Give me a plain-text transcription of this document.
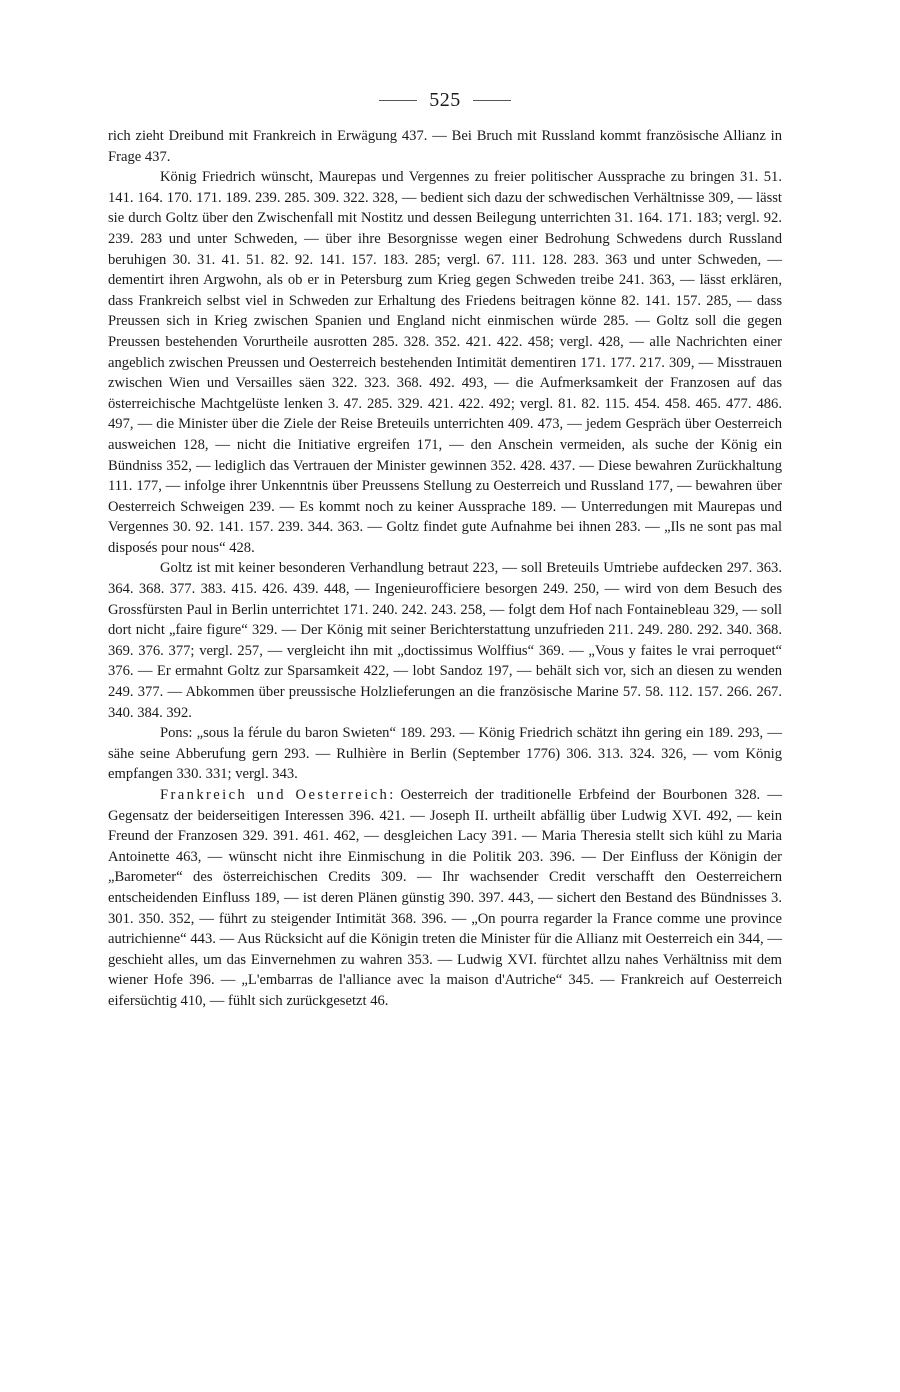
525

rich zieht Dreibund mit Frankreich in Erwägung 437. — Bei Bruch mit Russland kommt französische Allianz in Frage 437.

König Friedrich wünscht, Maurepas und Vergennes zu freier politischer Aussprache zu bringen 31. 51. 141. 164. 170. 171. 189. 239. 285. 309. 322. 328, — bedient sich dazu der schwedischen Verhältnisse 309, — lässt sie durch Goltz über den Zwischenfall mit Nostitz und dessen Beilegung unterrichten 31. 164. 171. 183; vergl. 92. 239. 283 und unter Schweden, — über ihre Besorgnisse wegen einer Bedrohung Schwedens durch Russland beruhigen 30. 31. 41. 51. 82. 92. 141. 157. 183. 285; vergl. 67. 111. 128. 283. 363 und unter Schweden, — dementirt ihren Argwohn, als ob er in Petersburg zum Krieg gegen Schweden treibe 241. 363, — lässt erklären, dass Frankreich selbst viel in Schweden zur Erhaltung des Friedens beitragen könne 82. 141. 157. 285, — dass Preussen sich in Krieg zwischen Spanien und England nicht einmischen würde 285. — Goltz soll die gegen Preussen bestehenden Vorurtheile ausrotten 285. 328. 352. 421. 422. 458; vergl. 428, — alle Nachrichten einer angeblich zwischen Preussen und Oesterreich bestehenden Intimität dementiren 171. 177. 217. 309, — Misstrauen zwischen Wien und Versailles säen 322. 323. 368. 492. 493, — die Aufmerksamkeit der Franzosen auf das österreichische Machtgelüste lenken 3. 47. 285. 329. 421. 422. 492; vergl. 81. 82. 115. 454. 458. 465. 477. 486. 497, — die Minister über die Ziele der Reise Breteuils unterrichten 409. 473, — jedem Gespräch über Oesterreich ausweichen 128, — nicht die Initiative ergreifen 171, — den Anschein vermeiden, als suche der König ein Bündniss 352, — lediglich das Vertrauen der Minister gewinnen 352. 428. 437. — Diese bewahren Zurückhaltung 111. 177, — infolge ihrer Unkenntnis über Preussens Stellung zu Oesterreich und Russland 177, — bewahren über Oesterreich Schweigen 239. — Es kommt noch zu keiner Aussprache 189. — Unterredungen mit Maurepas und Vergennes 30. 92. 141. 157. 239. 344. 363. — Goltz findet gute Aufnahme bei ihnen 283. — „Ils ne sont pas mal disposés pour nous“ 428.

Goltz ist mit keiner besonderen Verhandlung betraut 223, — soll Breteuils Umtriebe aufdecken 297. 363. 364. 368. 377. 383. 415. 426. 439. 448, — Ingenieurofficiere besorgen 249. 250, — wird von dem Besuch des Grossfürsten Paul in Berlin unterrichtet 171. 240. 242. 243. 258, — folgt dem Hof nach Fontainebleau 329, — soll dort nicht „faire figure“ 329. — Der König mit seiner Berichterstattung unzufrieden 211. 249. 280. 292. 340. 368. 369. 376. 377; vergl. 257, — vergleicht ihn mit „doctissimus Wolffius“ 369. — „Vous y faites le vrai perroquet“ 376. — Er ermahnt Goltz zur Sparsamkeit 422, — lobt Sandoz 197, — behält sich vor, sich an diesen zu wenden 249. 377. — Abkommen über preussische Holzlieferungen an die französische Marine 57. 58. 112. 157. 266. 267. 340. 384. 392.

Pons: „sous la férule du baron Swieten“ 189. 293. — König Friedrich schätzt ihn gering ein 189. 293, — sähe seine Abberufung gern 293. — Rulhière in Berlin (September 1776) 306. 313. 324. 326, — vom König empfangen 330. 331; vergl. 343.

Frankreich und Oesterreich: Oesterreich der traditionelle Erbfeind der Bourbonen 328. — Gegensatz der beiderseitigen Interessen 396. 421. — Joseph II. urtheilt abfällig über Ludwig XVI. 492, — kein Freund der Franzosen 329. 391. 461. 462, — desgleichen Lacy 391. — Maria Theresia stellt sich kühl zu Maria Antoinette 463, — wünscht nicht ihre Einmischung in die Politik 203. 396. — Der Einfluss der Königin der „Barometer“ des österreichischen Credits 309. — Ihr wachsender Credit verschafft den Oesterreichern entscheidenden Einfluss 189, — ist deren Plänen günstig 390. 397. 443, — sichert den Bestand des Bündnisses 3. 301. 350. 352, — führt zu steigender Intimität 368. 396. — „On pourra regarder la France comme une province autrichienne“ 443. — Aus Rücksicht auf die Königin treten die Minister für die Allianz mit Oesterreich ein 344, — geschieht alles, um das Einvernehmen zu wahren 353. — Ludwig XVI. fürchtet allzu nahes Verhältniss mit dem wiener Hofe 396. — „L'embarras de l'alliance avec la maison d'Autriche“ 345. — Frankreich auf Oesterreich eifersüchtig 410, — fühlt sich zurückgesetzt 46.
